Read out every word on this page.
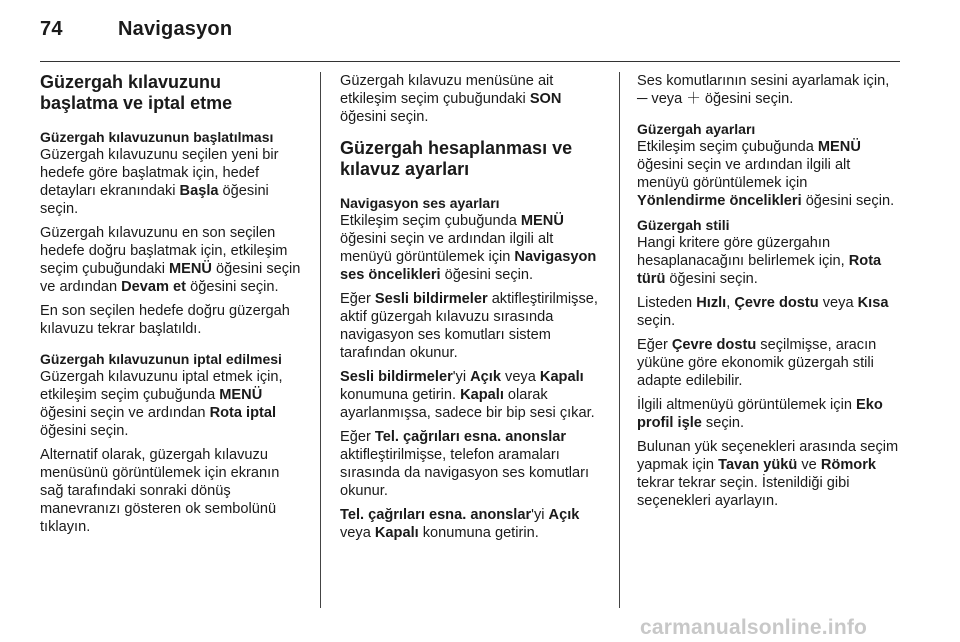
74	Navigasyon
Güzergah kılavuzunu başlatma ve iptal etme
Güzergah kılavuzunun başlatılması

Güzergah kılavuzunu seçilen yeni bir hedefe göre başlatmak için, hedef detayları ekranındaki Başla öğesini seçin.

Güzergah kılavuzunu en son seçilen hedefe doğru başlatmak için, etkileşim seçim çubuğundaki MENÜ öğesini seçin ve ardından Devam et öğesini seçin.

En son seçilen hedefe doğru güzergah kılavuzu tekrar başlatıldı.

Güzergah kılavuzunun iptal edilmesi

Güzergah kılavuzunu iptal etmek için, etkileşim seçim çubuğunda MENÜ öğesini seçin ve ardından Rota iptal öğesini seçin.

Alternatif olarak, güzergah kılavuzu menüsünü görüntülemek için ekranın sağ tarafındaki sonraki dönüş manevranızı gösteren ok sembolünü tıklayın.

Güzergah kılavuzu menüsüne ait etkileşim seçim çubuğundaki SON öğesini seçin.

Güzergah hesaplanması ve kılavuz ayarları
Navigasyon ses ayarları

Etkileşim seçim çubuğunda MENÜ öğesini seçin ve ardından ilgili alt menüyü görüntülemek için Navigasyon ses öncelikleri öğesini seçin.

Eğer Sesli bildirmeler aktifleştirilmişse, aktif güzergah kılavuzu sırasında navigasyon ses komutları sistem tarafından okunur.

Sesli bildirmeler'yi Açık veya Kapalı konumuna getirin. Kapalı olarak ayarlanmışsa, sadece bir bip sesi çıkar.

Eğer Tel. çağrıları esna. anonslar aktifleştirilmişse, telefon aramaları sırasında da navigasyon ses komutları okunur.

Tel. çağrıları esna. anonslar'yi Açık veya Kapalı konumuna getirin.

Ses komutlarının sesini ayarlamak için, ─ veya ＋ öğesini seçin.

Güzergah ayarları

Etkileşim seçim çubuğunda MENÜ öğesini seçin ve ardından ilgili alt menüyü görüntülemek için Yönlendirme öncelikleri öğesini seçin.

Güzergah stili

Hangi kritere göre güzergahın hesaplanacağını belirlemek için, Rota türü öğesini seçin.

Listeden Hızlı, Çevre dostu veya Kısa seçin.

Eğer Çevre dostu seçilmişse, aracın yüküne göre ekonomik güzergah stili adapte edilebilir.

İlgili altmenüyü görüntülemek için Eko profil işle seçin.

Bulunan yük seçenekleri arasında seçim yapmak için Tavan yükü ve Römork tekrar tekrar seçin. İstenildiği gibi seçenekleri ayarlayın.

carmanualsonline.info
